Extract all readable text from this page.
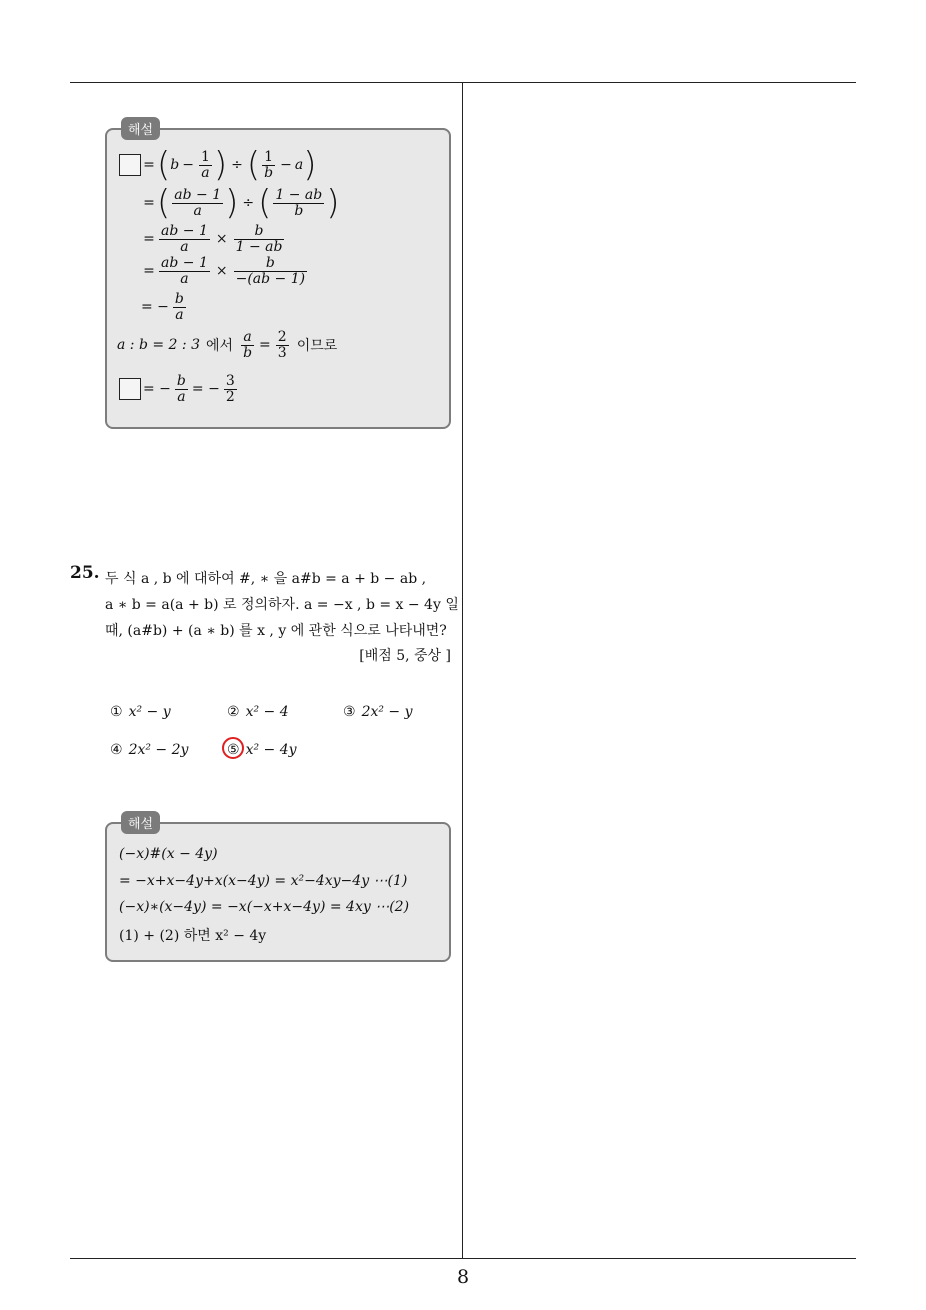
해설
= ( $b - \frac{1}{a}$ ) ÷ ( $\frac{1}{b} - a$ )
= ( $\frac{ab - 1}{a}$ ) ÷ ( $\frac{1 - ab}{b}$ )
= $\frac{ab - 1}{a} \times \frac{b}{1 - ab}$
= $\frac{ab - 1}{a} \times \frac{b}{-(ab - 1)}$
= − $\frac{b}{a}$
a : b = 2 : 3 에서 $\frac{a}{b} = \frac{2}{3}$ 이므로
= − $\frac{b}{a}$ = − $\frac{3}{2}$
25. 두 식 a , b 에 대하여 #, ∗ 을 a#b = a + b − ab ,
a ∗ b = a(a + b) 로 정의하자. a = −x , b = x − 4y 일
때, (a#b) + (a ∗ b) 를 x , y 에 관한 식으로 나타내면?
[배점 5, 중상 ]
① x² − y	② x² − 4	③ 2x² − y
④ 2x² − 2y	⑤ x² − 4y
해설
(−x)#(x − 4y)
= −x+x−4y+x(x−4y) = x²−4xy−4y ⋯(1)
(−x)∗(x−4y) = −x(−x+x−4y) = 4xy ⋯(2)
(1) + (2) 하면 x² − 4y
8
